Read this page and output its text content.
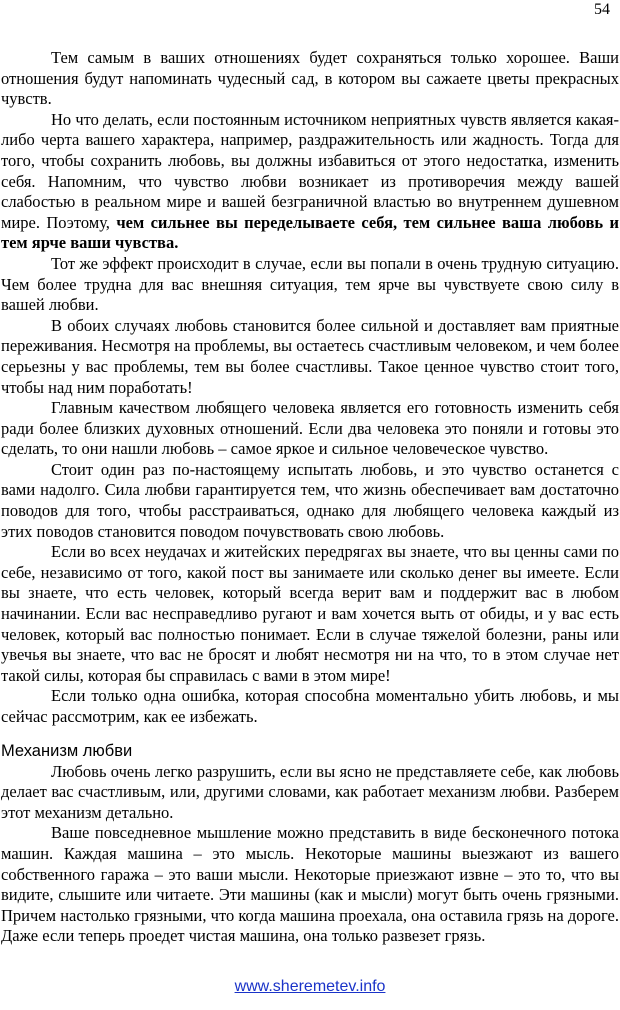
54

Тем самым в ваших отношениях будет сохраняться только хорошее. Ваши отношения будут напоминать чудесный сад, в котором вы сажаете цветы прекрасных чувств.

Но что делать, если постоянным источником неприятных чувств является какая-либо черта вашего характера, например, раздражительность или жадность. Тогда для того, чтобы сохранить любовь, вы должны избавиться от этого недостатка, изменить себя. Напомним, что чувство любви возникает из противоречия между вашей слабостью в реальном мире и вашей безграничной властью во внутреннем душевном мире. Поэтому, чем сильнее вы переделываете себя, тем сильнее ваша любовь и тем ярче ваши чувства.

Тот же эффект происходит в случае, если вы попали в очень трудную ситуацию. Чем более трудна для вас внешняя ситуация, тем ярче вы чувствуете свою силу в вашей любви.

В обоих случаях любовь становится более сильной и доставляет вам приятные переживания. Несмотря на проблемы, вы остаетесь счастливым человеком, и чем более серьезны у вас проблемы, тем вы более счастливы. Такое ценное чувство стоит того, чтобы над ним поработать!

Главным качеством любящего человека является его готовность изменить себя ради более близких духовных отношений. Если два человека это поняли и готовы это сделать, то они нашли любовь – самое яркое и сильное человеческое чувство.

Стоит один раз по-настоящему испытать любовь, и это чувство останется с вами надолго. Сила любви гарантируется тем, что жизнь обеспечивает вам достаточно поводов для того, чтобы расстраиваться, однако для любящего человека каждый из этих поводов становится поводом почувствовать свою любовь.

Если во всех неудачах и житейских передрягах вы знаете, что вы ценны сами по себе, независимо от того, какой пост вы занимаете или сколько денег вы имеете. Если вы знаете, что есть человек, который всегда верит вам и поддержит вас в любом начинании. Если вас несправедливо ругают и вам хочется выть от обиды, и у вас есть человек, который вас полностью понимает. Если в случае тяжелой болезни, раны или увечья вы знаете, что вас не бросят и любят несмотря ни на что, то в этом случае нет такой силы, которая бы справилась с вами в этом мире!

Если только одна ошибка, которая способна моментально убить любовь, и мы сейчас рассмотрим, как ее избежать.

Механизм любви

Любовь очень легко разрушить, если вы ясно не представляете себе, как любовь делает вас счастливым, или, другими словами, как работает механизм любви. Разберем этот механизм детально.

Ваше повседневное мышление можно представить в виде бесконечного потока машин. Каждая машина – это мысль. Некоторые машины выезжают из вашего собственного гаража – это ваши мысли. Некоторые приезжают извне – это то, что вы видите, слышите или читаете. Эти машины (как и мысли) могут быть очень грязными. Причем настолько грязными, что когда машина проехала, она оставила грязь на дороге. Даже если теперь проедет чистая машина, она только развезет грязь.

www.sheremetev.info
